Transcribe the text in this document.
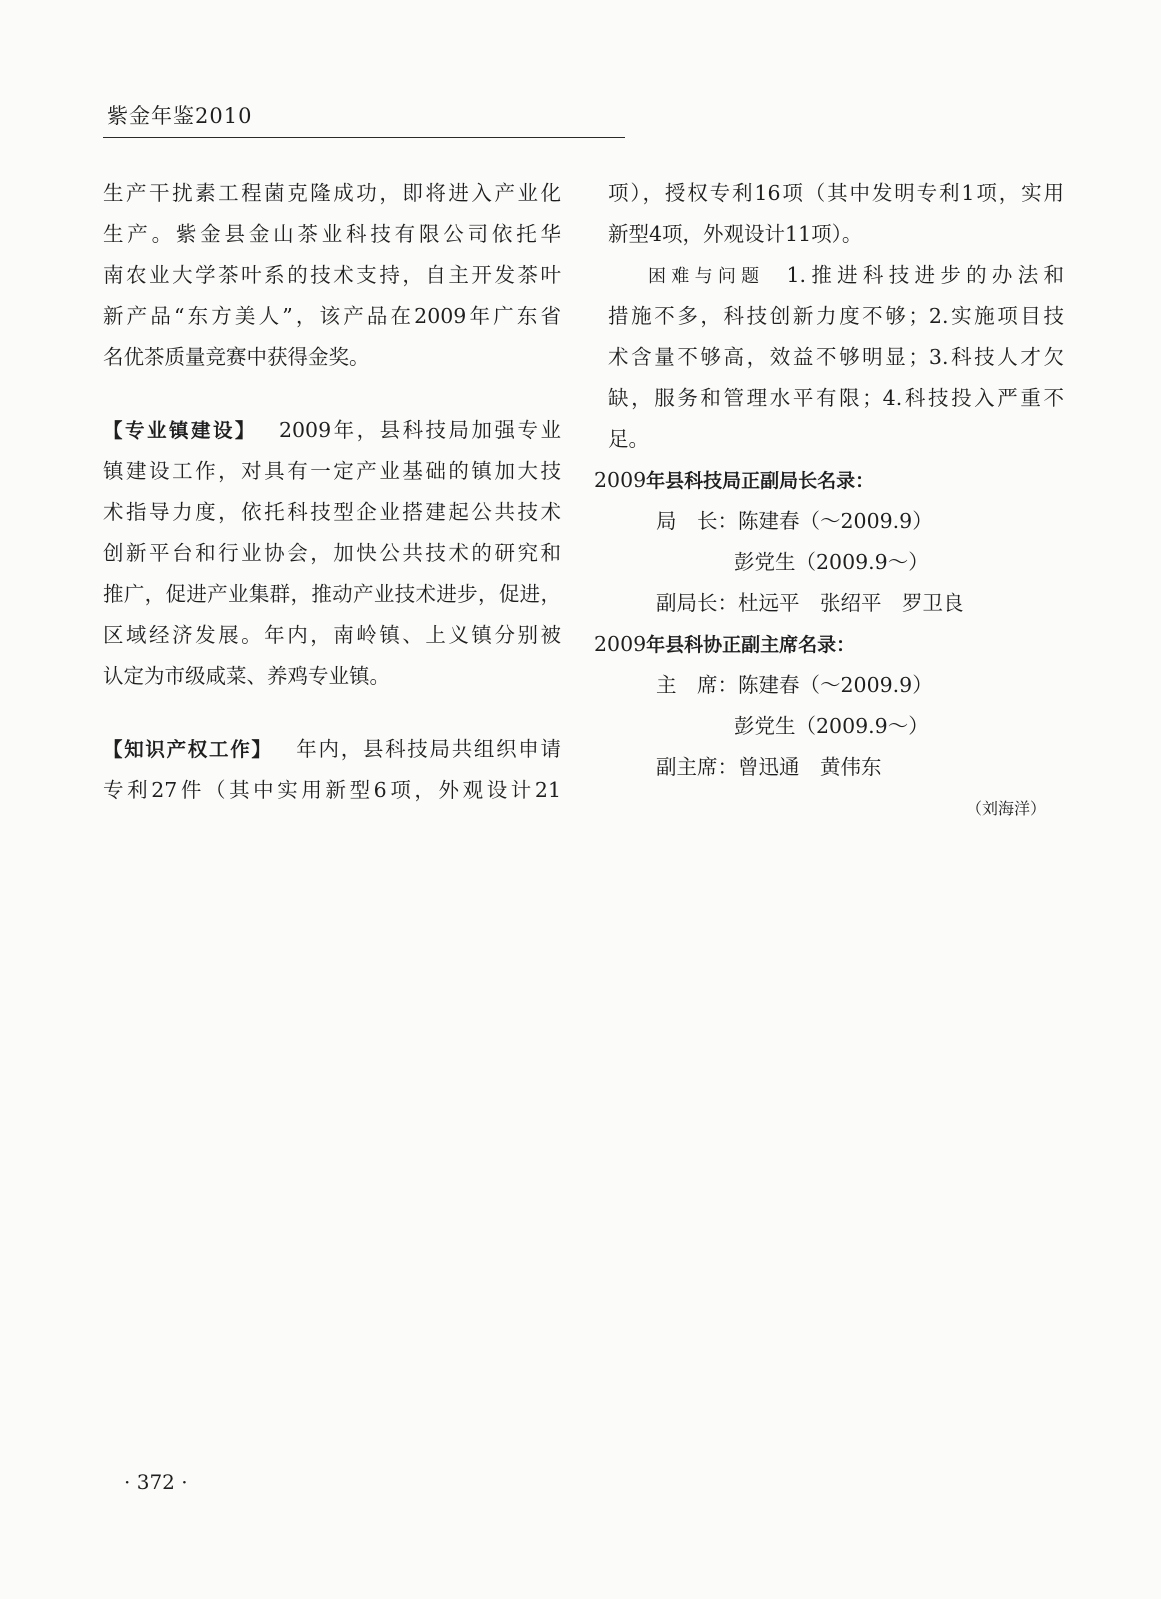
紫金年鉴2010
生产干扰素工程菌克隆成功，即将进入产业化
生产。紫金县金山茶业科技有限公司依托华
南农业大学茶叶系的技术支持，自主开发茶叶
新产品“东方美人”，该产品在2009年广东省
名优茶质量竞赛中获得金奖。
【专业镇建设】 2009年，县科技局加强专业
镇建设工作，对具有一定产业基础的镇加大技
术指导力度，依托科技型企业搭建起公共技术
创新平台和行业协会，加快公共技术的研究和
推广，促进产业集群，推动产业技术进步，促进，
区域经济发展。年内，南岭镇、上义镇分别被
认定为市级咸菜、养鸡专业镇。
【知识产权工作】 年内，县科技局共组织申请
专利27件（其中实用新型6项，外观设计21
项），授权专利16项（其中发明专利1项，实用
新型4项，外观设计11项）。
困难与问题 1.推进科技进步的办法和
措施不多，科技创新力度不够；2.实施项目技
术含量不够高，效益不够明显；3.科技人才欠
缺，服务和管理水平有限；4.科技投入严重不
足。
2009年县科技局正副局长名录：
局　长：陈建春（～2009.9）
彭党生（2009.9～）
副局长：杜远平　张绍平　罗卫良
2009年县科协正副主席名录：
主　席：陈建春（～2009.9）
彭党生（2009.9～）
副主席：曾迅通　黄伟东
（刘海洋）
· 372 ·
